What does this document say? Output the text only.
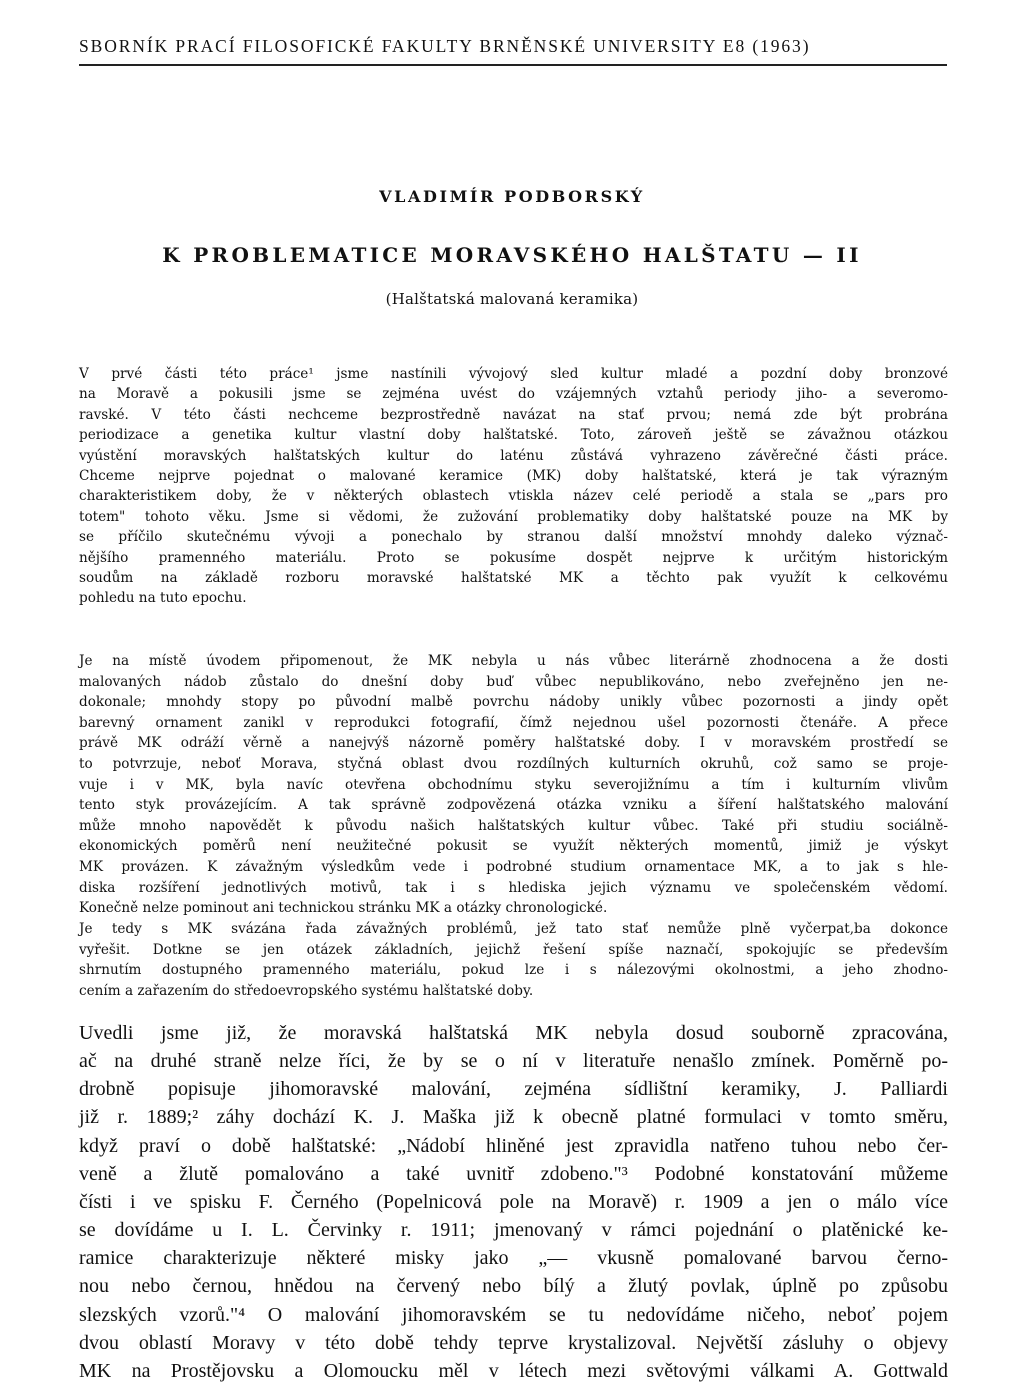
SBORNÍK PRACÍ FILOSOFICKÉ FAKULTY BRNĚNSKÉ UNIVERSITY E8 (1963)
VLADIMÍR PODBORSKÝ
K PROBLEMATICE MORAVSKÉHO HALŠTATU — II
(Halštatská malovaná keramika)
V prvé části této práce¹ jsme nastínili vývojový sled kultur mladé a pozdní doby bronzové
na Moravě a pokusili jsme se zejména uvést do vzájemných vztahů periody jiho- a severomo-
ravské. V této části nechceme bezprostředně navázat na stať prvou; nemá zde být probrána
periodizace a genetika kultur vlastní doby halštatské. Toto, zároveň ještě se závažnou otázkou
vyústění moravských halštatských kultur do laténu zůstává vyhrazeno závěrečné části práce.
Chceme nejprve pojednat o malované keramice (MK) doby halštatské, která je tak výrazným
charakteristikem doby, že v některých oblastech vtiskla název celé periodě a stala se „pars pro
totem" tohoto věku. Jsme si vědomi, že zužování problematiky doby halštatské pouze na MK by
se příčilo skutečnému vývoji a ponechalo by stranou další množství mnohdy daleko význač-
nějšího pramenného materiálu. Proto se pokusíme dospět nejprve k určitým historickým
soudům na základě rozboru moravské halštatské MK a těchto pak využít k celkovému
pohledu na tuto epochu.
Je na místě úvodem připomenout, že MK nebyla u nás vůbec literárně zhodnocena a že dosti
malovaných nádob zůstalo do dnešní doby buď vůbec nepublikováno, nebo zveřejněno jen ne-
dokonale; mnohdy stopy po původní malbě povrchu nádoby unikly vůbec pozornosti a jindy opět
barevný ornament zanikl v reprodukci fotografií, čímž nejednou ušel pozornosti čtenáře. A přece
právě MK odráží věrně a nanejvýš názorně poměry halštatské doby. I v moravském prostředí se
to potvrzuje, neboť Morava, styčná oblast dvou rozdílných kulturních okruhů, což samo se proje-
vuje i v MK, byla navíc otevřena obchodnímu styku severojižnímu a tím i kulturním vlivům
tento styk provázejícím. A tak správně zodpovězená otázka vzniku a šíření halštatského malování
může mnoho napovědět k původu našich halštatských kultur vůbec. Také při studiu sociálně-
ekonomických poměrů není neužitečné pokusit se využít některých momentů, jimiž je výskyt
MK provázen. K závažným výsledkům vede i podrobné studium ornamentace MK, a to jak s hle-
diska rozšíření jednotlivých motivů, tak i s hlediska jejich významu ve společenském vědomí.
Konečně nelze pominout ani technickou stránku MK a otázky chronologické.
Je tedy s MK svázána řada závažných problémů, jež tato stať nemůže plně vyčerpat,ba dokonce
vyřešit. Dotkne se jen otázek základních, jejichž řešení spíše naznačí, spokojujíc se především
shrnutím dostupného pramenného materiálu, pokud lze i s nálezovými okolnostmi, a jeho zhodno-
cením a zařazením do středoevropského systému halštatské doby.
Uvedli jsme již, že moravská halštatská MK nebyla dosud souborně zpracována,
ač na druhé straně nelze říci, že by se o ní v literatuře nenašlo zmínek. Poměrně po-
drobně popisuje jihomoravské malování, zejména sídlištní keramiky, J. Palliardi
již r. 1889;² záhy dochází K. J. Maška již k obecně platné formulaci v tomto směru,
když praví o době halštatské: „Nádobí hliněné jest zpravidla natřeno tuhou nebo čer-
veně a žlutě pomalováno a také uvnitř zdobeno."³ Podobné konstatování můžeme
čísti i ve spisku F. Černého (Popelnicová pole na Moravě) r. 1909 a jen o málo více
se dovídáme u I. L. Červinky r. 1911; jmenovaný v rámci pojednání o platěnické ke-
ramice charakterizuje některé misky jako „— vkusně pomalované barvou černo-
nou nebo černou, hnědou na červený nebo bílý a žlutý povlak, úplně po způsobu
slezských vzorů."⁴ O malování jihomoravském se tu nedovídáme ničeho, neboť pojem
dvou oblastí Moravy v této době tehdy teprve krystalizoval. Největší zásluhy o objevy
MK na Prostějovsku a Olomoucku měl v létech mezi světovými válkami A. Gottwald
